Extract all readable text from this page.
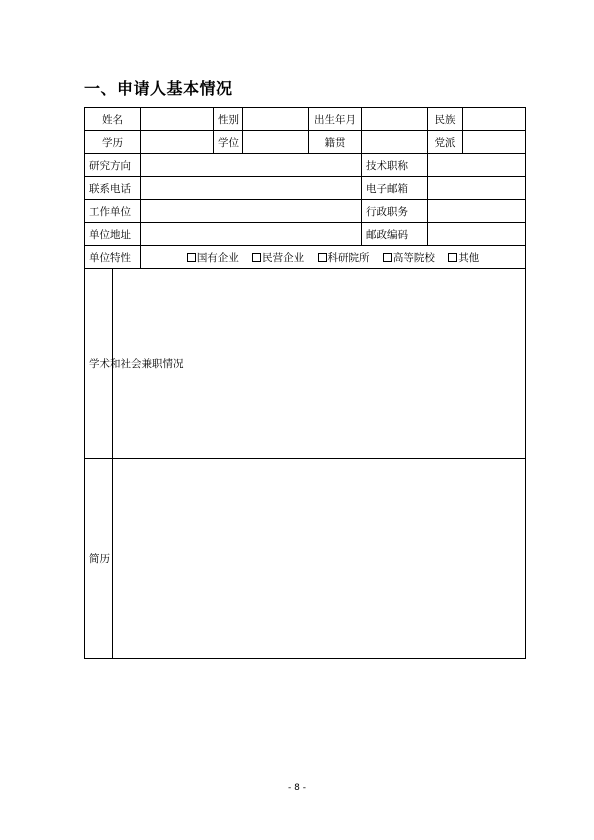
一、申请人基本情况
姓名			性别		出生年月		民族	
学历			学位		籍贯		党派	
研究方向						技术职称		
联系电话						电子邮箱		
工作单位						行政职务		
单位地址						邮政编码		
单位特性		国有企业 民营企业 科研院所 高等院校 其他						
学术和社会兼职情况								
简历								
- 8 -
